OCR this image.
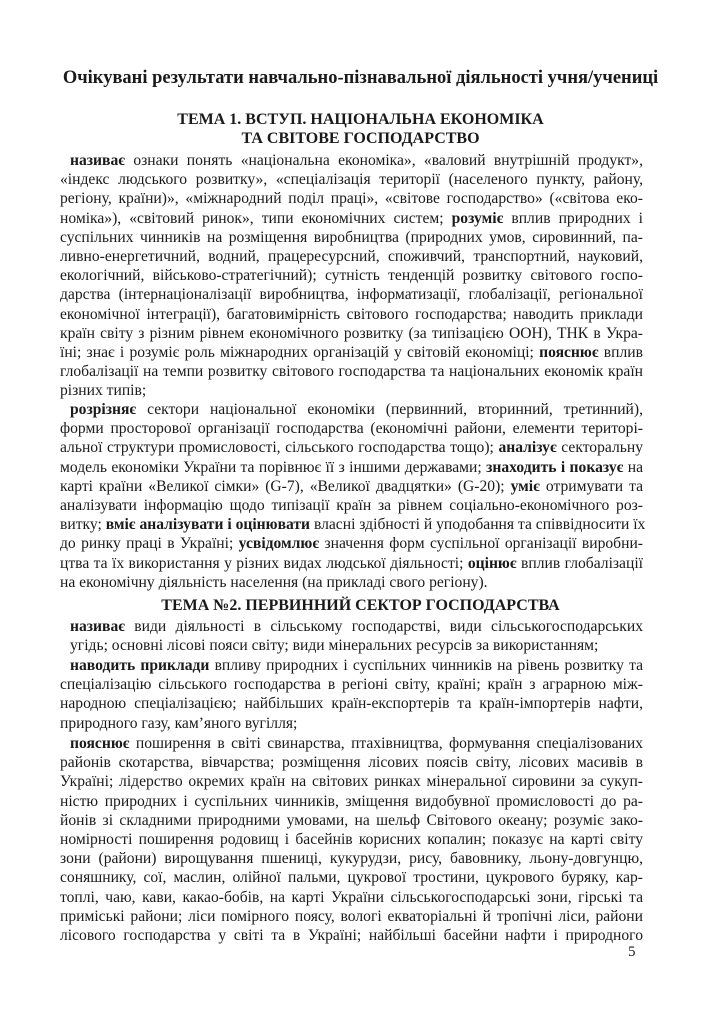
Очікувані результати навчально-пізнавальної діяльності учня/учениці
ТЕМА 1. ВСТУП. НАЦІОНАЛЬНА ЕКОНОМІКА
ТА СВІТОВЕ ГОСПОДАРСТВО
називає ознаки понять «національна економіка», «валовий внутрішній продукт»,
«індекс людського розвитку», «спеціалізація території (населеного пункту, району,
регіону, країни)», «міжнародний поділ праці», «світове господарство» («світова еко-
номіка»), «світовий ринок», типи економічних систем; розуміє вплив природних і
суспільних чинників на розміщення виробництва (природних умов, сировинний, па-
ливно-енергетичний, водний, працересурсний, споживчий, транспортний, науковий,
екологічний, військово-стратегічний); сутність тенденцій розвитку світового госпо-
дарства (інтернаціоналізації виробництва, інформатизації, глобалізації, регіональної
економічної інтеграції), багатовимірність світового господарства; наводить приклади
країн світу з різним рівнем економічного розвитку (за типізацією ООН), ТНК в Укра-
їні; знає і розуміє роль міжнародних організацій у світовій економіці; пояснює вплив
глобалізації на темпи розвитку світового господарства та національних економік країн
різних типів;
розрізняє сектори національної економіки (первинний, вторинний, третинний),
форми просторової організації господарства (економічні райони, елементи територі-
альної структури промисловості, сільського господарства тощо); аналізує секторальну
модель економіки України та порівнює її з іншими державами; знаходить і показує на
карті країни «Великої сімки» (G-7), «Великої двадцятки» (G-20); уміє отримувати та
аналізувати інформацію щодо типізації країн за рівнем соціально-економічного роз-
витку; вміє аналізувати і оцінювати власні здібності й уподобання та співвідносити їх
до ринку праці в Україні; усвідомлює значення форм суспільної організації виробни-
цтва та їх використання у різних видах людської діяльності; оцінює вплив глобалізації
на економічну діяльність населення (на прикладі свого регіону).
ТЕМА №2. ПЕРВИННИЙ СЕКТОР ГОСПОДАРСТВА
називає види діяльності в сільському господарстві, види сільськогосподарських
угідь; основні лісові пояси світу; види мінеральних ресурсів за використанням;
наводить приклади впливу природних і суспільних чинників на рівень розвитку та
спеціалізацію сільського господарства в регіоні світу, країні; країн з аграрною між-
народною спеціалізацією; найбільших країн-експортерів та країн-імпортерів нафти,
природного газу, кам’яного вугілля;
пояснює поширення в світі свинарства, птахівництва, формування спеціалізованих
районів скотарства, вівчарства; розміщення лісових поясів світу, лісових масивів в
Україні; лідерство окремих країн на світових ринках мінеральної сировини за сукуп-
ністю природних і суспільних чинників, зміщення видобувної промисловості до ра-
йонів зі складними природними умовами, на шельф Світового океану; розуміє зако-
номірності поширення родовищ і басейнів корисних копалин; показує на карті світу
зони (райони) вирощування пшениці, кукурудзи, рису, бавовнику, льону-довгунцю,
соняшнику, сої, маслин, олійної пальми, цукрової тростини, цукрового буряку, кар-
топлі, чаю, кави, какао-бобів, на карті України сільськогосподарські зони, гірські та
приміські райони; ліси помірного поясу, вологі екваторіальні й тропічні ліси, райони
лісового господарства у світі та в Україні; найбільші басейни нафти і природного
5
